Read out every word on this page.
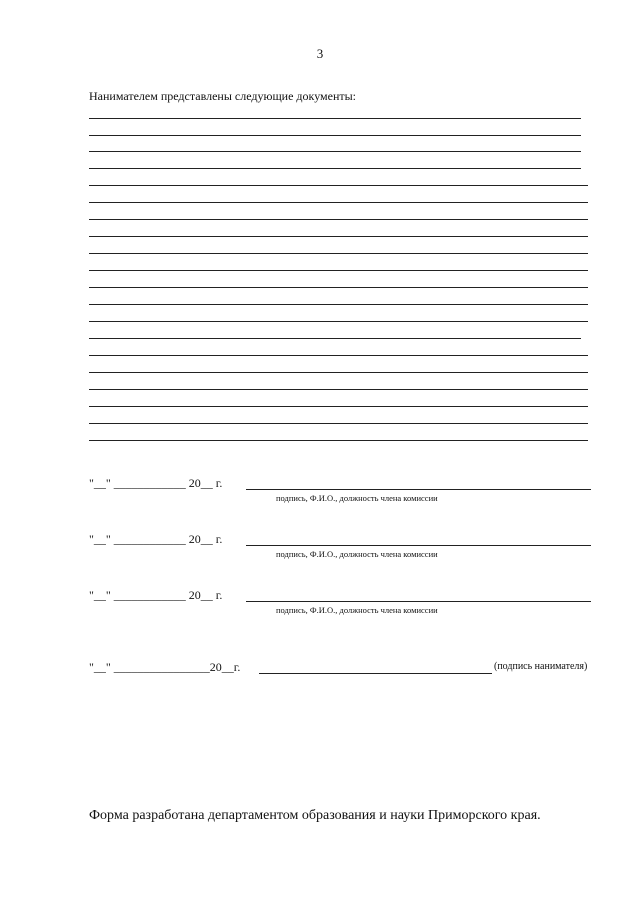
3
Нанимателем представлены следующие документы:
"__" ____________ 20__ г.
подпись, Ф.И.О., должность члена комиссии
"__" ____________ 20__ г.
подпись, Ф.И.О., должность члена комиссии
"__" ____________ 20__ г.
подпись, Ф.И.О., должность члена комиссии
"__" ________________20__г.	(подпись нанимателя)
Форма разработана департаментом образования и науки Приморского края.
